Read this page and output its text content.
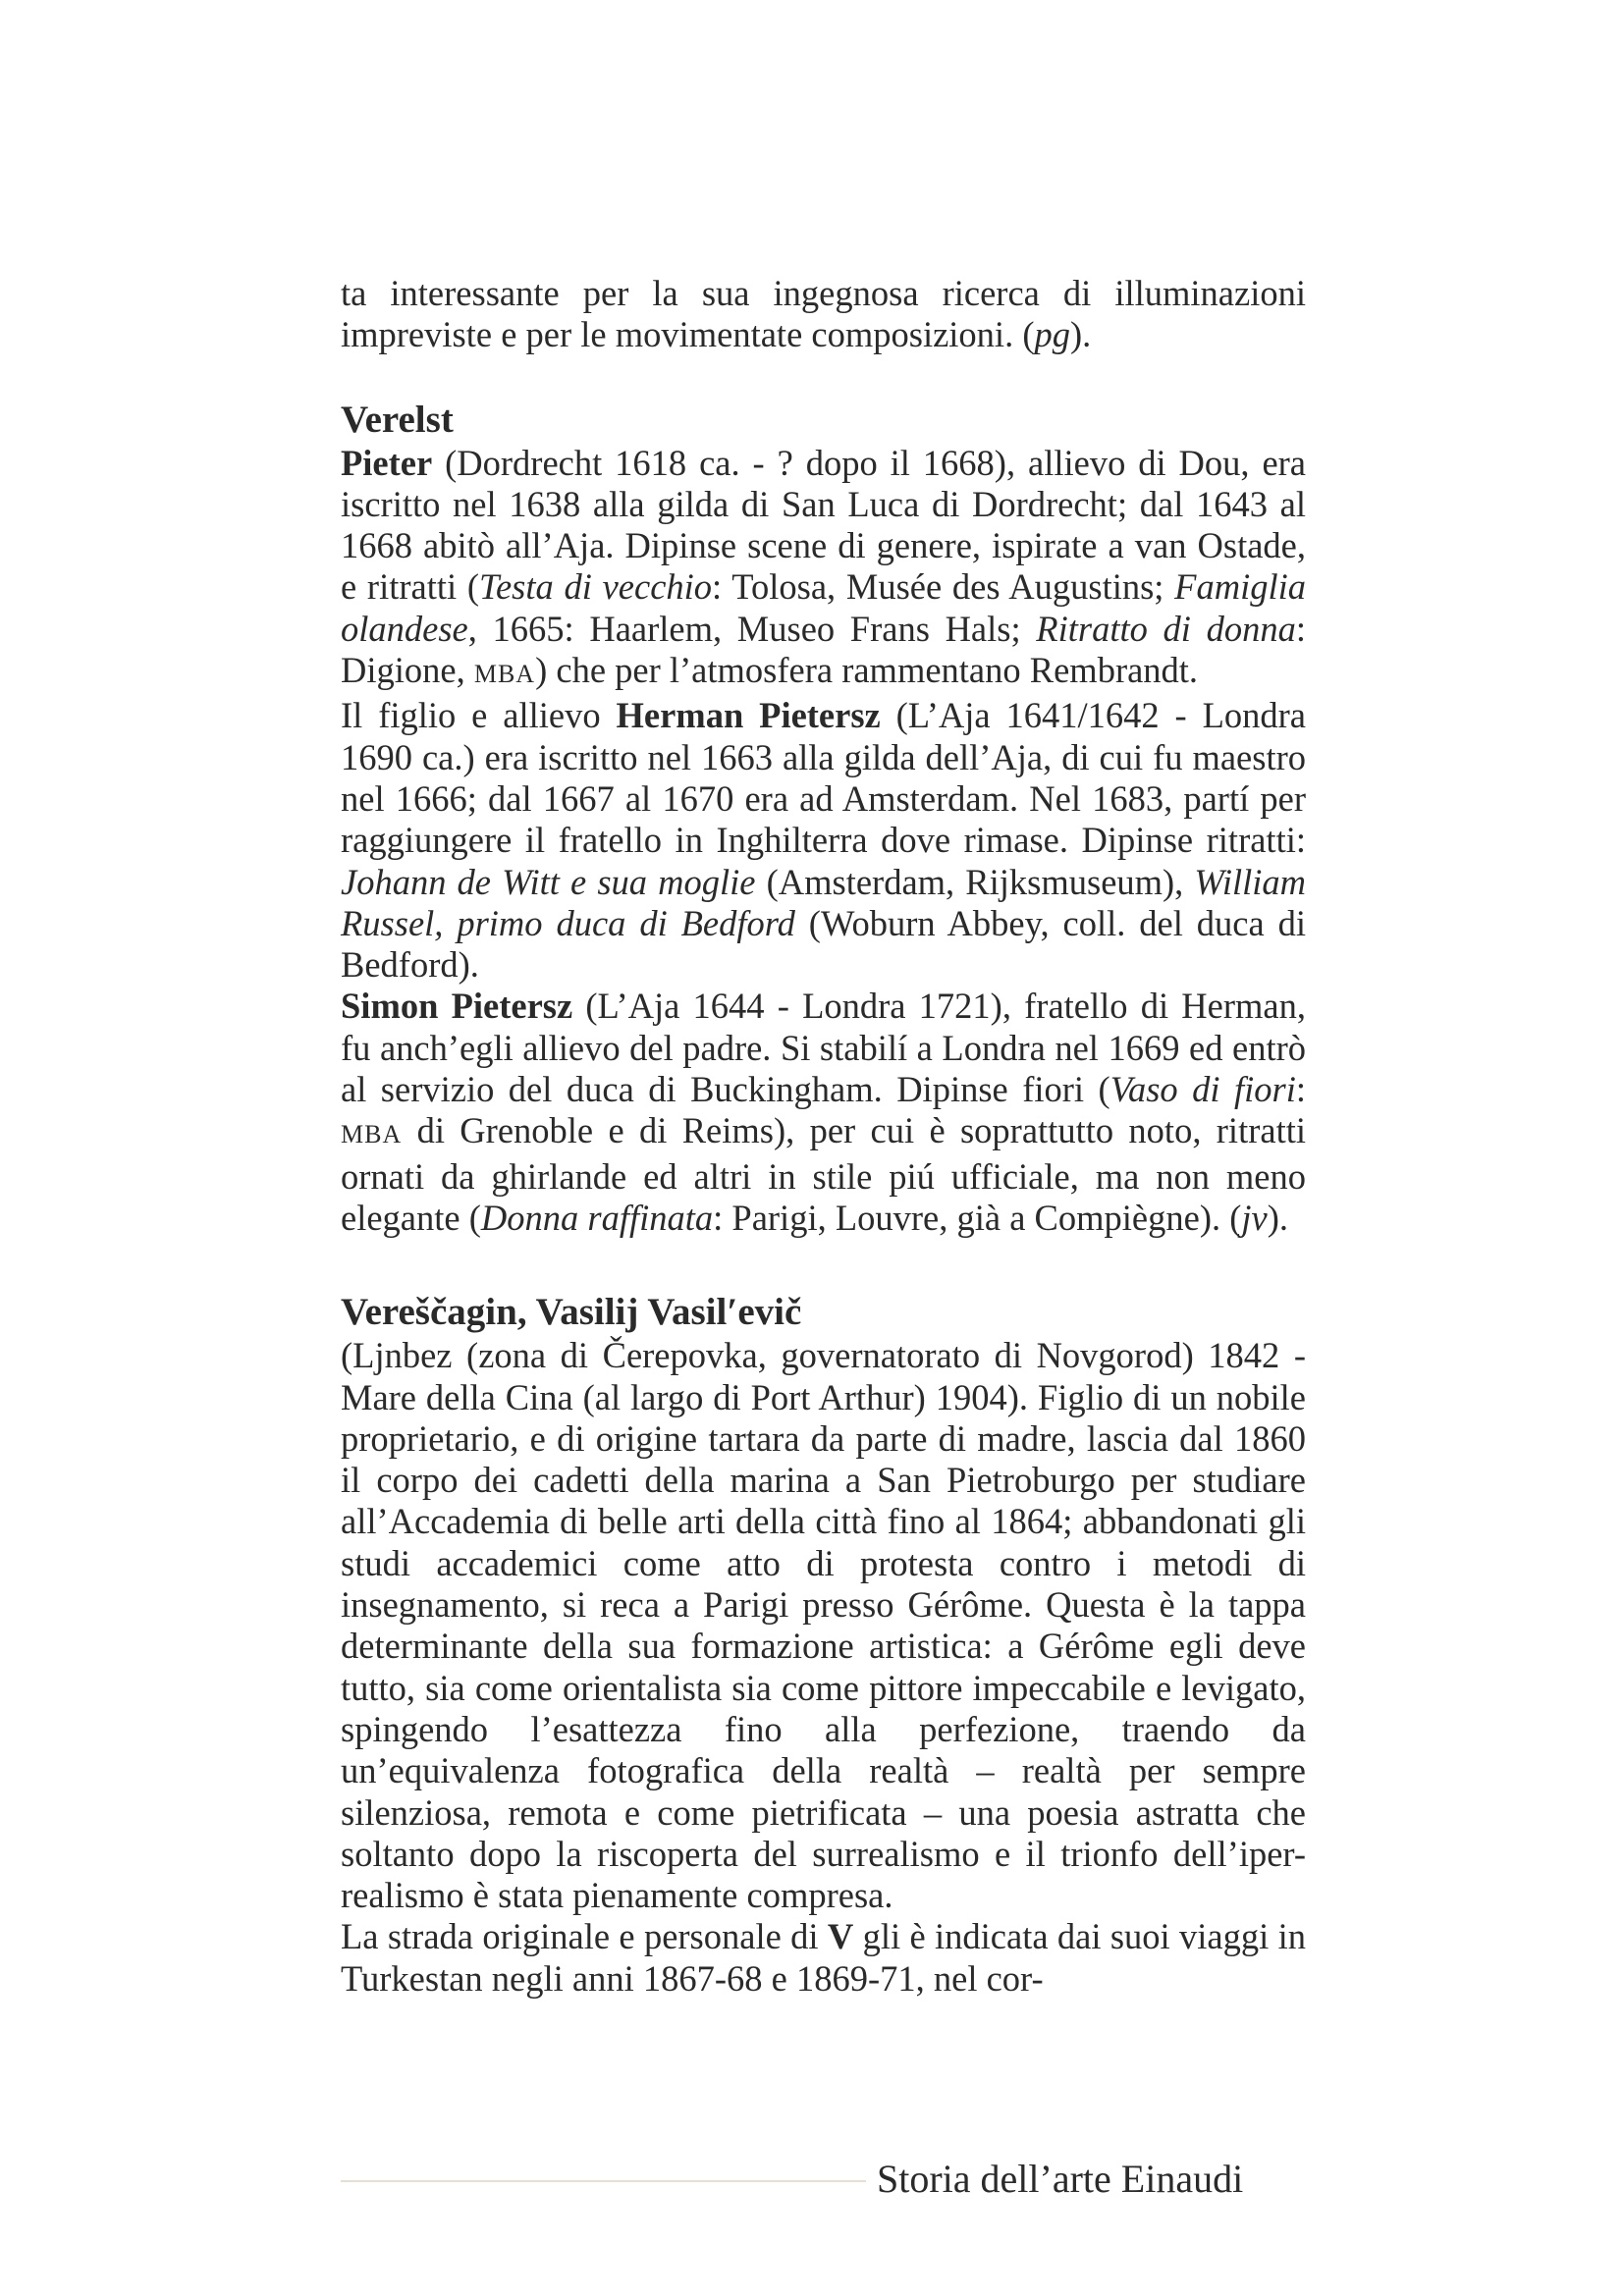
ta interessante per la sua ingegnosa ricerca di illuminazioni impreviste e per le movimentate composizioni. (pg).

Verelst

Pieter (Dordrecht 1618 ca. - ? dopo il 1668), allievo di Dou, era iscritto nel 1638 alla gilda di San Luca di Dordrecht; dal 1643 al 1668 abitò all’Aja. Dipinse scene di genere, ispirate a van Ostade, e ritratti (Testa di vecchio: Tolosa, Musée des Augustins; Famiglia olandese, 1665: Haarlem, Museo Frans Hals; Ritratto di donna: Digione, MBA) che per l’atmosfera rammentano Rembrandt.

Il figlio e allievo Herman Pietersz (L’Aja 1641/1642 - Londra 1690 ca.) era iscritto nel 1663 alla gilda dell’Aja, di cui fu maestro nel 1666; dal 1667 al 1670 era ad Amsterdam. Nel 1683, partí per raggiungere il fratello in Inghilterra dove rimase. Dipinse ritratti: Johann de Witt e sua moglie (Amsterdam, Rijksmuseum), William Russel, primo duca di Bedford (Woburn Abbey, coll. del duca di Bedford).

Simon Pietersz (L’Aja 1644 - Londra 1721), fratello di Herman, fu anch’egli allievo del padre. Si stabilí a Londra nel 1669 ed entrò al servizio del duca di Buckingham. Dipinse fiori (Vaso di fiori: MBA di Grenoble e di Reims), per cui è soprattutto noto, ritratti ornati da ghirlande ed altri in stile piú ufficiale, ma non meno elegante (Donna raffinata: Parigi, Louvre, già a Compiègne). (jv).

Vereščagin, Vasilij Vasil′evič

(Ljnbez (zona di Čerepovka, governatorato di Novgorod) 1842 - Mare della Cina (al largo di Port Arthur) 1904). Figlio di un nobile proprietario, e di origine tartara da parte di madre, lascia dal 1860 il corpo dei cadetti della marina a San Pietroburgo per studiare all’Accademia di belle arti della città fino al 1864; abbandonati gli studi accademici come atto di protesta contro i metodi di insegnamento, si reca a Parigi presso Gérôme. Questa è la tappa determinante della sua formazione artistica: a Gérôme egli deve tutto, sia come orientalista sia come pittore impeccabile e levigato, spingendo l’esattezza fino alla perfezione, traendo da un’equivalenza fotografica della realtà – realtà per sempre silenziosa, remota e come pietrificata – una poesia astratta che soltanto dopo la riscoperta del surrealismo e il trionfo dell’iper-realismo è stata pienamente compresa.

La strada originale e personale di V gli è indicata dai suoi viaggi in Turkestan negli anni 1867-68 e 1869-71, nel cor-

Storia dell’arte Einaudi
